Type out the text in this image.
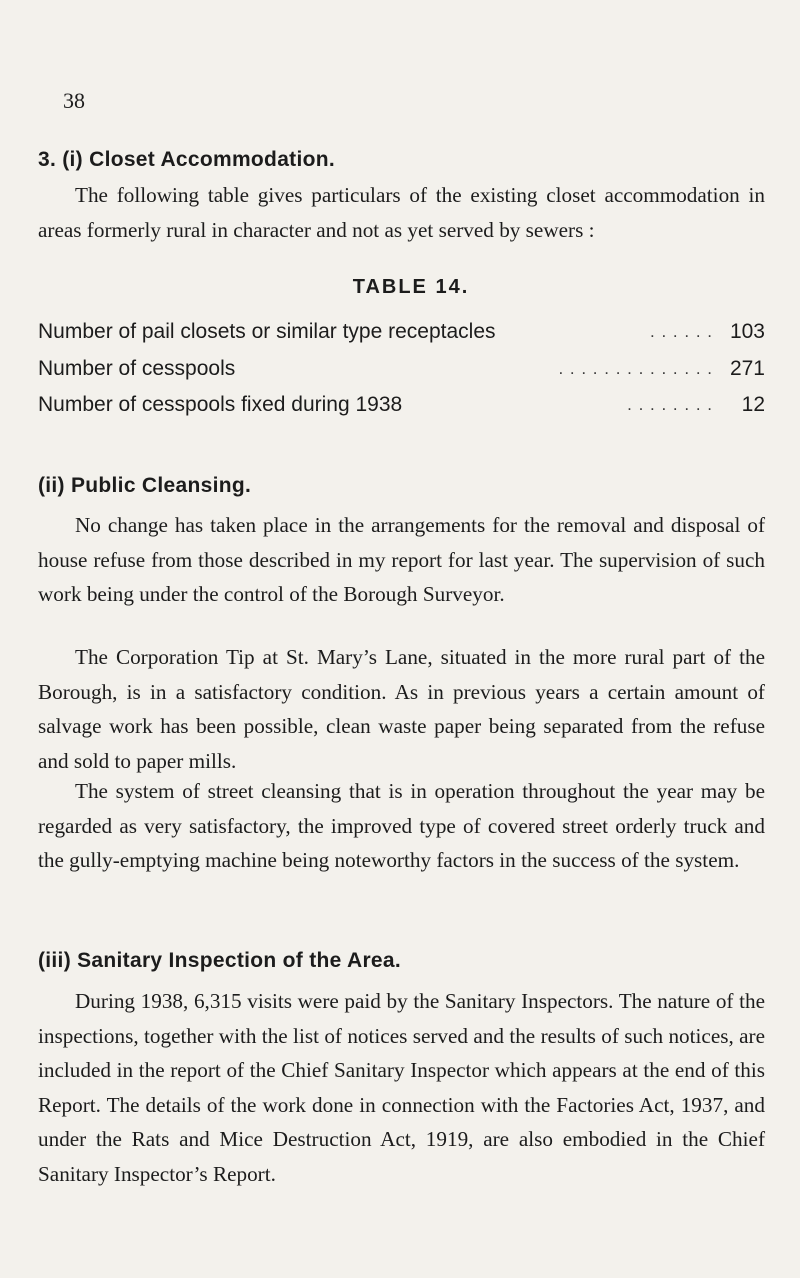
38
3. (i) Closet Accommodation.

The following table gives particulars of the existing closet accommodation in areas formerly rural in character and not as yet served by sewers :

TABLE 14.
Number of pail closets or similar type receptacles	. . . . . . 103
Number of cesspools	. . . . . . . . . . . . . . 271
Number of cesspools fixed during 1938	. . . . . . . .	12
(ii) Public Cleansing.

No change has taken place in the arrangements for the removal and disposal of house refuse from those described in my report for last year. The supervision of such work being under the control of the Borough Surveyor.

The Corporation Tip at St. Mary’s Lane, situated in the more rural part of the Borough, is in a satisfactory condition. As in previous years a certain amount of salvage work has been possible, clean waste paper being separated from the refuse and sold to paper mills.

The system of street cleansing that is in operation throughout the year may be regarded as very satisfactory, the improved type of covered street orderly truck and the gully-emptying machine being noteworthy factors in the success of the system.

(iii) Sanitary Inspection of the Area.

During 1938, 6,315 visits were paid by the Sanitary Inspectors. The nature of the inspections, together with the list of notices served and the results of such notices, are included in the report of the Chief Sanitary Inspector which appears at the end of this Report. The details of the work done in connection with the Factories Act, 1937, and under the Rats and Mice Destruction Act, 1919, are also embodied in the Chief Sanitary Inspector’s Report.
